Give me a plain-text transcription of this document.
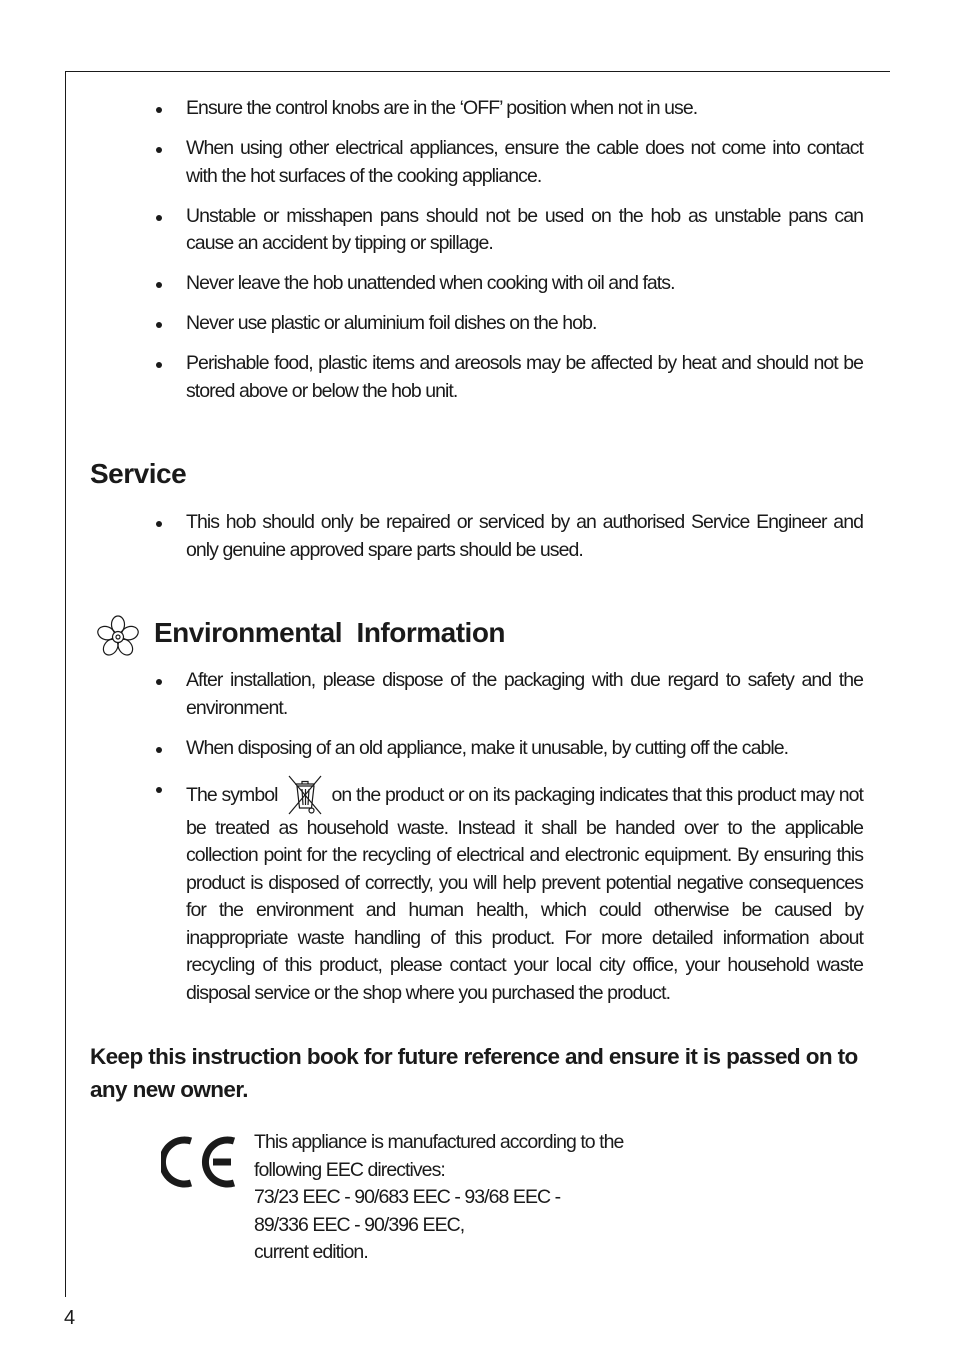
Ensure the control knobs are in the ‘OFF’ position when not in use.
When using other electrical appliances, ensure the cable does not come into contact with the hot surfaces of the cooking appliance.
Unstable or misshapen pans should not be used on the hob as unstable pans can cause an accident by tipping or spillage.
Never leave the hob unattended when cooking with oil and fats.
Never use plastic or aluminium foil dishes on the hob.
Perishable food, plastic items and areosols may be affected by heat and should not be stored above or below the hob unit.
Service
This hob should only be repaired or serviced by an authorised Service Engineer and only genuine approved spare parts should be used.
Environmental  Information
After installation, please dispose of the packaging with due regard to safety and the environment.
When disposing of an old appliance, make it unusable, by cutting off the cable.
The symbol	on the product or on its packaging indicates that this product may not be treated as household waste. Instead it shall be handed over to the applicable collection point for the recycling of electrical and electronic equipment. By ensuring this product is disposed of correctly, you will help prevent potential negative consequences for the environment and human health, which could otherwise be caused by inappropriate waste handling of this product. For more detailed information about recycling of this product, please contact your local city office, your household waste disposal service or the shop where you purchased the product.

Keep this instruction book for future reference and ensure it is passed on to any new owner.

This appliance is manufactured according to the
following EEC directives:
73/23 EEC - 90/683 EEC - 93/68 EEC -
89/336 EEC - 90/396 EEC,
current edition.
4
